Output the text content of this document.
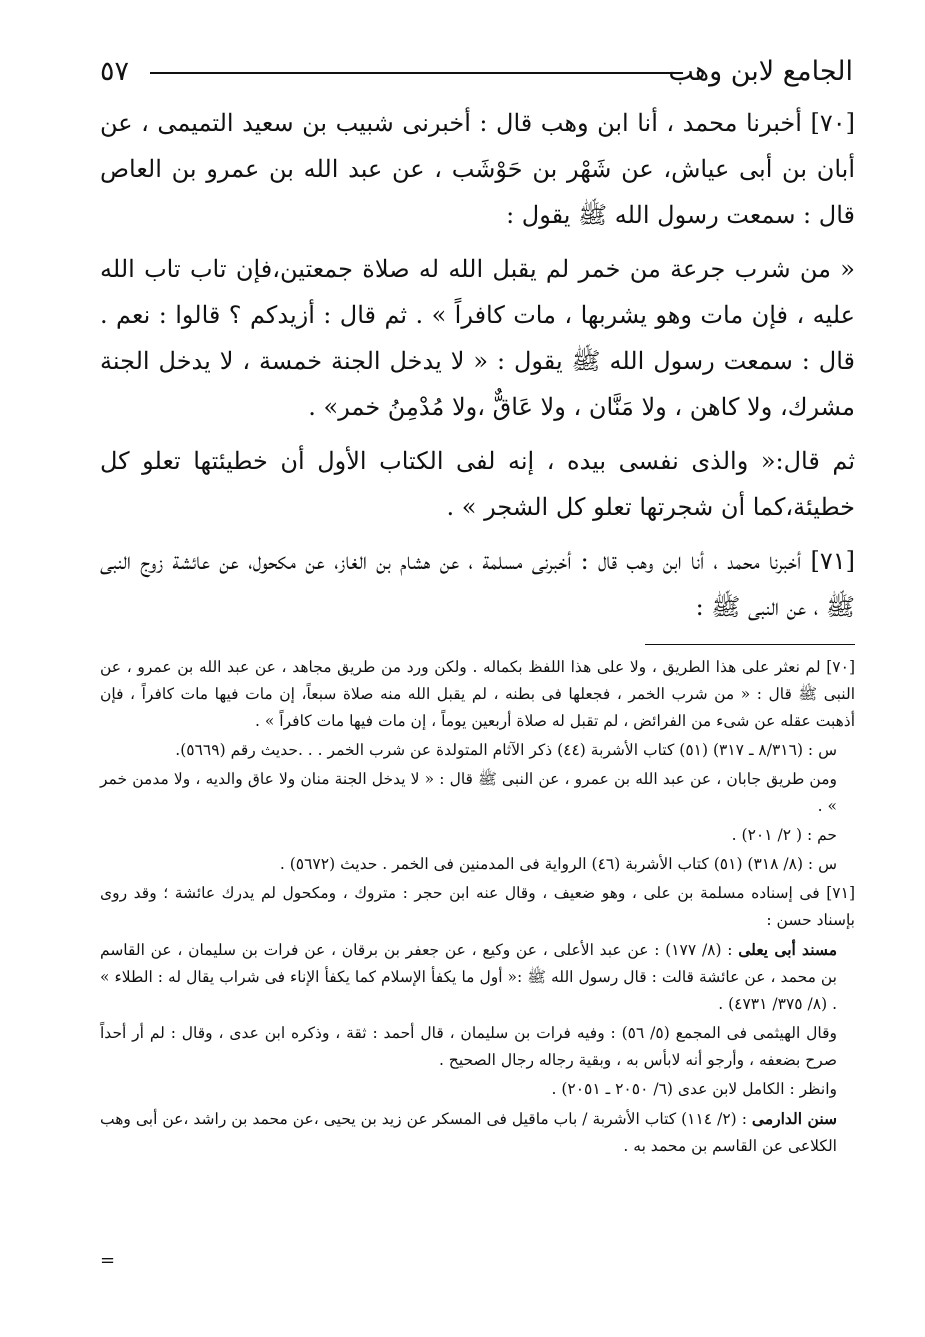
الجامع لابن وهب
٥٧

[٧٠] أخبرنا محمد ، أنا ابن وهب قال : أخبرنى شبيب بن سعيد التميمى ، عن أبان بن أبى عياش، عن شَهْر بن حَوْشَب ، عن عبد الله بن عمرو بن العاص قال : سمعت رسول الله ﷺ يقول :

« من شرب جرعة من خمر لم يقبل الله له صلاة جمعتين،فإن تاب تاب الله عليه ، فإن مات وهو يشربها ، مات كافراً » . ثم قال : أزيدكم ؟ قالوا : نعم . قال : سمعت رسول الله ﷺ يقول : « لا يدخل الجنة خمسة ، لا يدخل الجنة مشرك، ولا كاهن ، ولا مَنَّان ، ولا عَاقٌّ ،ولا مُدْمِنُ خمر» .

ثم قال:« والذى نفسى بيده ، إنه لفى الكتاب الأول أن خطيئتها تعلو كل خطيئة،كما أن شجرتها تعلو كل الشجر » .

[٧١] أخبرنا محمد ، أنا ابن وهب قال : أخبرنى مسلمة ، عن هشام بن الغاز، عن مكحول، عن عائشة زوج النبى ﷺ ، عن النبى ﷺ :

[٧٠] لم نعثر على هذا الطريق ، ولا على هذا اللفظ بكماله . ولكن ورد من طريق مجاهد ، عن عبد الله بن عمرو ، عن النبى ﷺ قال : « من شرب الخمر ، فجعلها فى بطنه ، لم يقبل الله منه صلاة سبعاً، إن مات فيها مات كافراً ، فإن أذهبت عقله عن شىء من الفرائض ، لم تقبل له صلاة أربعين يوماً ، إن مات فيها مات كافراً » .

س : (٨/٣١٦ ـ ٣١٧) (٥١) كتاب الأشربة (٤٤) ذكر الآثام المتولدة عن شرب الخمر . . .حديث رقم (٥٦٦٩).

ومن طريق جابان ، عن عبد الله بن عمرو ، عن النبى ﷺ قال : « لا يدخل الجنة منان ولا عاق والديه ، ولا مدمن خمر » .

حم : ( ٢/ ٢٠١) .

س : (٨/ ٣١٨) (٥١) كتاب الأشربة (٤٦) الرواية فى المدمنين فى الخمر . حديث (٥٦٧٢) .

[٧١] فى إسناده مسلمة بن على ، وهو ضعيف ، وقال عنه ابن حجر : متروك ، ومكحول لم يدرك عائشة ؛ وقد روى بإسناد حسن :

مسند أبى يعلى : (٨/ ١٧٧) : عن عبد الأعلى ، عن وكيع ، عن جعفر بن برقان ، عن فرات بن سليمان ، عن القاسم بن محمد ، عن عائشة قالت : قال رسول الله ﷺ :« أول ما يكفأ الإسلام كما يكفأ الإناء فى شراب يقال له : الطلاء » . (٨/ ٣٧٥/ ٤٧٣١) .

وقال الهيثمى فى المجمع (٥/ ٥٦) : وفيه فرات بن سليمان ، قال أحمد : ثقة ، وذكره ابن عدى ، وقال : لم أر أحداً صرح بضعفه ، وأرجو أنه لابأس به ، وبقية رجاله رجال الصحيح .

وانظر : الكامل لابن عدى (٦/ ٢٠٥٠ ـ ٢٠٥١) .

سنن الدارمى : (٢/ ١١٤) كتاب الأشربة / باب ماقيل فى المسكر عن زيد بن يحيى ،عن محمد بن راشد ،عن أبى وهب الكلاعى عن القاسم بن محمد به .

=
